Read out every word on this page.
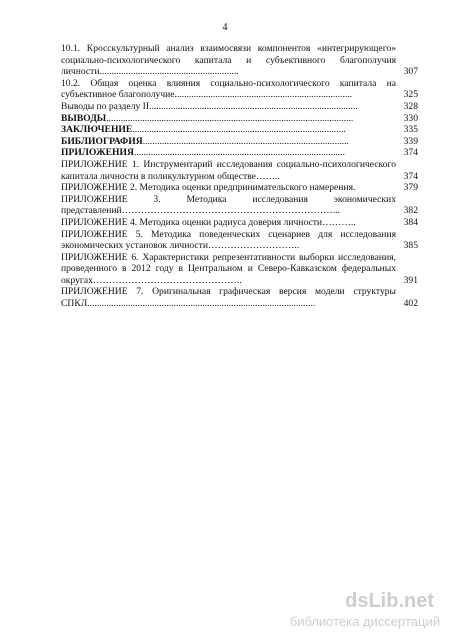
4
10.1. Кросскультурный анализ взаимосвязи компонентов «интегрирующего» социально-психологического капитала и субъективного благополучия личности..........................................................	307
10.2. Общая оценка влияния социально-психологического капитала на субъективное благополучие..........................................................................	325
Выводы по разделу II.......................................................................................	328
ВЫВОДЫ.......................................................................................................	330
ЗАКЛЮЧЕНИЕ.........................................................................................	335
БИБЛИОГРАФИЯ......................................................................................	339
ПРИЛОЖЕНИЯ........................................................................................	374
ПРИЛОЖЕНИЕ 1. Инструментарий исследования социально-психологического капитала личности в поликультурном обществе……..	374
ПРИЛОЖЕНИЕ 2. Методика оценки предпринимательского намерения.	379
ПРИЛОЖЕНИЕ 3. Методика исследования экономических представлений…………………………………………………………...	382
ПРИЛОЖЕНИЕ 4. Методика оценки радиуса доверия личности………..	384
ПРИЛОЖЕНИЕ 5. Методика поведенческих сценариев для исследования экономических установок личности………………………..	385
ПРИЛОЖЕНИЕ 6. Характеристики репрезентативности выборки исследования, проведенного в 2012 году в Центральном и Северо-Кавказском федеральных округах………………………………………..	391
ПРИЛОЖЕНИЕ 7. Оригинальная графическая версия модели структуры СПКЛ...............................................................................................	402
dsLib.net
библиотека диссертаций
